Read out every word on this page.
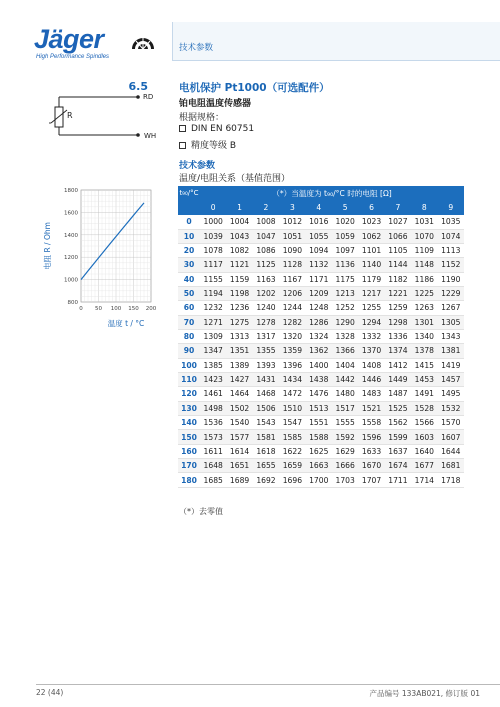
Jäger
High Performance Spindles
技术参数
6.5	电机保护 Pt1000（可选配件）
铂电阻温度传感器
根据规格：
DIN EN 60751
精度等级 B
技术参数
温度/电阻关系（基值范围）
RD
WH
R
0 50 100 150 200
800
1000
1200
1400
1600
1800
温度 t / °C
电阻 R / Ohm
t₉₀/°C	（*）当温度为 t₉₀/°C 时的电阻 [Ω]									
	0	1	2	3	4	5	6	7	8	9
0	1000	1004	1008	1012	1016	1020	1023	1027	1031	1035
10	1039	1043	1047	1051	1055	1059	1062	1066	1070	1074
20	1078	1082	1086	1090	1094	1097	1101	1105	1109	1113
30	1117	1121	1125	1128	1132	1136	1140	1144	1148	1152
40	1155	1159	1163	1167	1171	1175	1179	1182	1186	1190
50	1194	1198	1202	1206	1209	1213	1217	1221	1225	1229
60	1232	1236	1240	1244	1248	1252	1255	1259	1263	1267
70	1271	1275	1278	1282	1286	1290	1294	1298	1301	1305
80	1309	1313	1317	1320	1324	1328	1332	1336	1340	1343
90	1347	1351	1355	1359	1362	1366	1370	1374	1378	1381
100	1385	1389	1393	1396	1400	1404	1408	1412	1415	1419
110	1423	1427	1431	1434	1438	1442	1446	1449	1453	1457
120	1461	1464	1468	1472	1476	1480	1483	1487	1491	1495
130	1498	1502	1506	1510	1513	1517	1521	1525	1528	1532
140	1536	1540	1543	1547	1551	1555	1558	1562	1566	1570
150	1573	1577	1581	1585	1588	1592	1596	1599	1603	1607
160	1611	1614	1618	1622	1625	1629	1633	1637	1640	1644
170	1648	1651	1655	1659	1663	1666	1670	1674	1677	1681
180	1685	1689	1692	1696	1700	1703	1707	1711	1714	1718
（*）去零值
22 (44)	产品编号 133AB021, 修订版 01
